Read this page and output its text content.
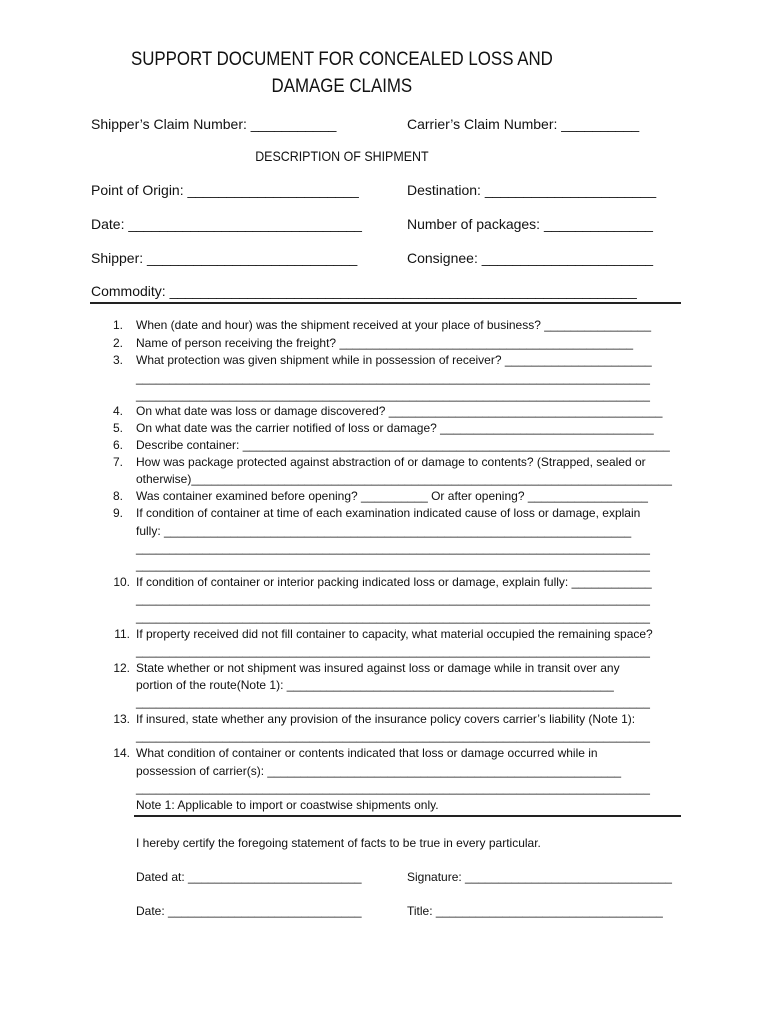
SUPPORT DOCUMENT FOR CONCEALED LOSS AND
DAMAGE CLAIMS
Shipper’s Claim Number: ___________	Carrier’s Claim Number: __________
DESCRIPTION OF SHIPMENT
Point of Origin: ______________________	Destination: ______________________
Date: ______________________________	Number of packages: ______________
Shipper: ___________________________	Consignee: ______________________
Commodity: ____________________________________________________________
1. When (date and hour) was the shipment received at your place of business? ________________
2. Name of person receiving the freight? ____________________________________________
3. What protection was given shipment while in possession of receiver? ______________________
_____________________________________________________________________________
_____________________________________________________________________________
4. On what date was loss or damage discovered? _________________________________________
5. On what date was the carrier notified of loss or damage? ________________________________
6. Describe container: ________________________________________________________________
7. How was package protected against abstraction of or damage to contents? (Strapped, sealed or
otherwise)________________________________________________________________________
8. Was container examined before opening? __________ Or after opening? __________________
9. If condition of container at time of each examination indicated cause of loss or damage, explain
fully: ______________________________________________________________________
_____________________________________________________________________________
_____________________________________________________________________________
10. If condition of container or interior packing indicated loss or damage, explain fully: ____________
_____________________________________________________________________________
_____________________________________________________________________________
11. If property received did not fill container to capacity, what material occupied the remaining space?
_____________________________________________________________________________
12. State whether or not shipment was insured against loss or damage while in transit over any
portion of the route(Note 1): _________________________________________________
_____________________________________________________________________________
13. If insured, state whether any provision of the insurance policy covers carrier’s liability (Note 1):
_____________________________________________________________________________
14. What condition of container or contents indicated that loss or damage occurred while in
possession of carrier(s): _____________________________________________________
_____________________________________________________________________________
Note 1: Applicable to import or coastwise shipments only.
I hereby certify the foregoing statement of facts to be true in every particular.
Dated at: __________________________	Signature: _______________________________
Date: _____________________________	Title: __________________________________
